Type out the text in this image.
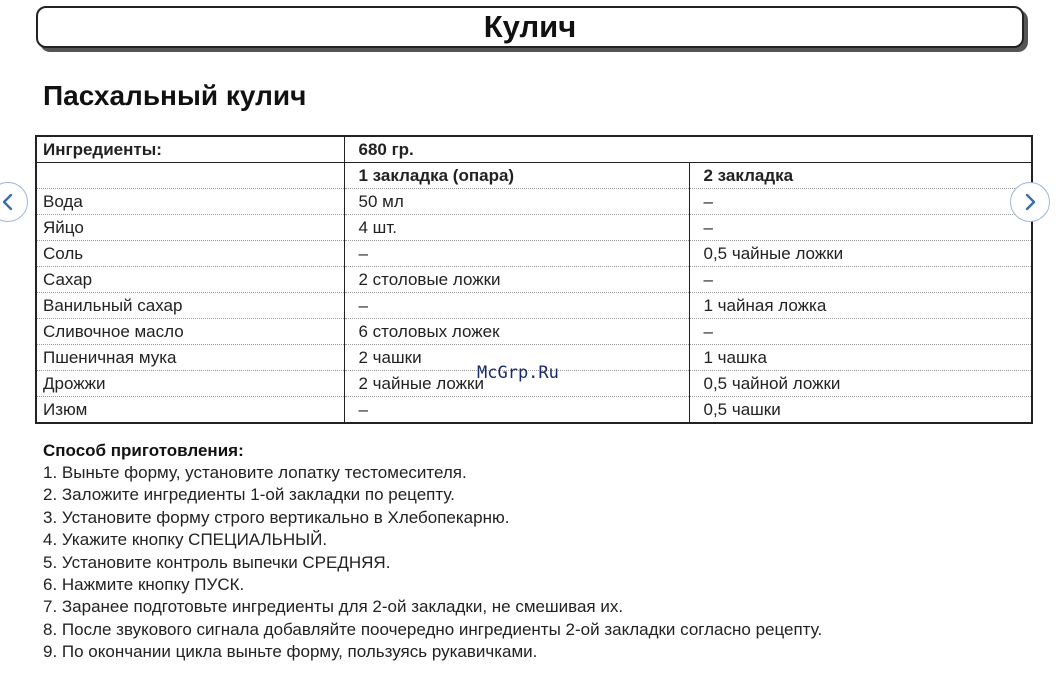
Кулич
Пасхальный кулич
Ингредиенты:	680 гр.	
	1 закладка (опара)	2 закладка
Вода	50 мл	–
Яйцо	4 шт.	–
Соль	–	0,5 чайные ложки
Сахар	2 столовые ложки	–
Ванильный сахар	–	1 чайная ложка
Сливочное масло	6 столовых ложек	–
Пшеничная мука	2 чашки	1 чашка
Дрожжи	2 чайные ложки	0,5 чайной ложки
Изюм	–	0,5 чашки
McGrp.Ru
Способ приготовления:
1. Выньте форму, установите лопатку тестомесителя.
2. Заложите ингредиенты 1-ой закладки по рецепту.
3. Установите форму строго вертикально в Хлебопекарню.
4. Укажите кнопку СПЕЦИАЛЬНЫЙ.
5. Установите контроль выпечки СРЕДНЯЯ.
6. Нажмите кнопку ПУСК.
7. Заранее подготовьте ингредиенты для 2-ой закладки, не смешивая их.
8. После звукового сигнала добавляйте поочередно ингредиенты 2-ой закладки согласно рецепту.
9. По окончании цикла выньте форму, пользуясь рукавичками.
